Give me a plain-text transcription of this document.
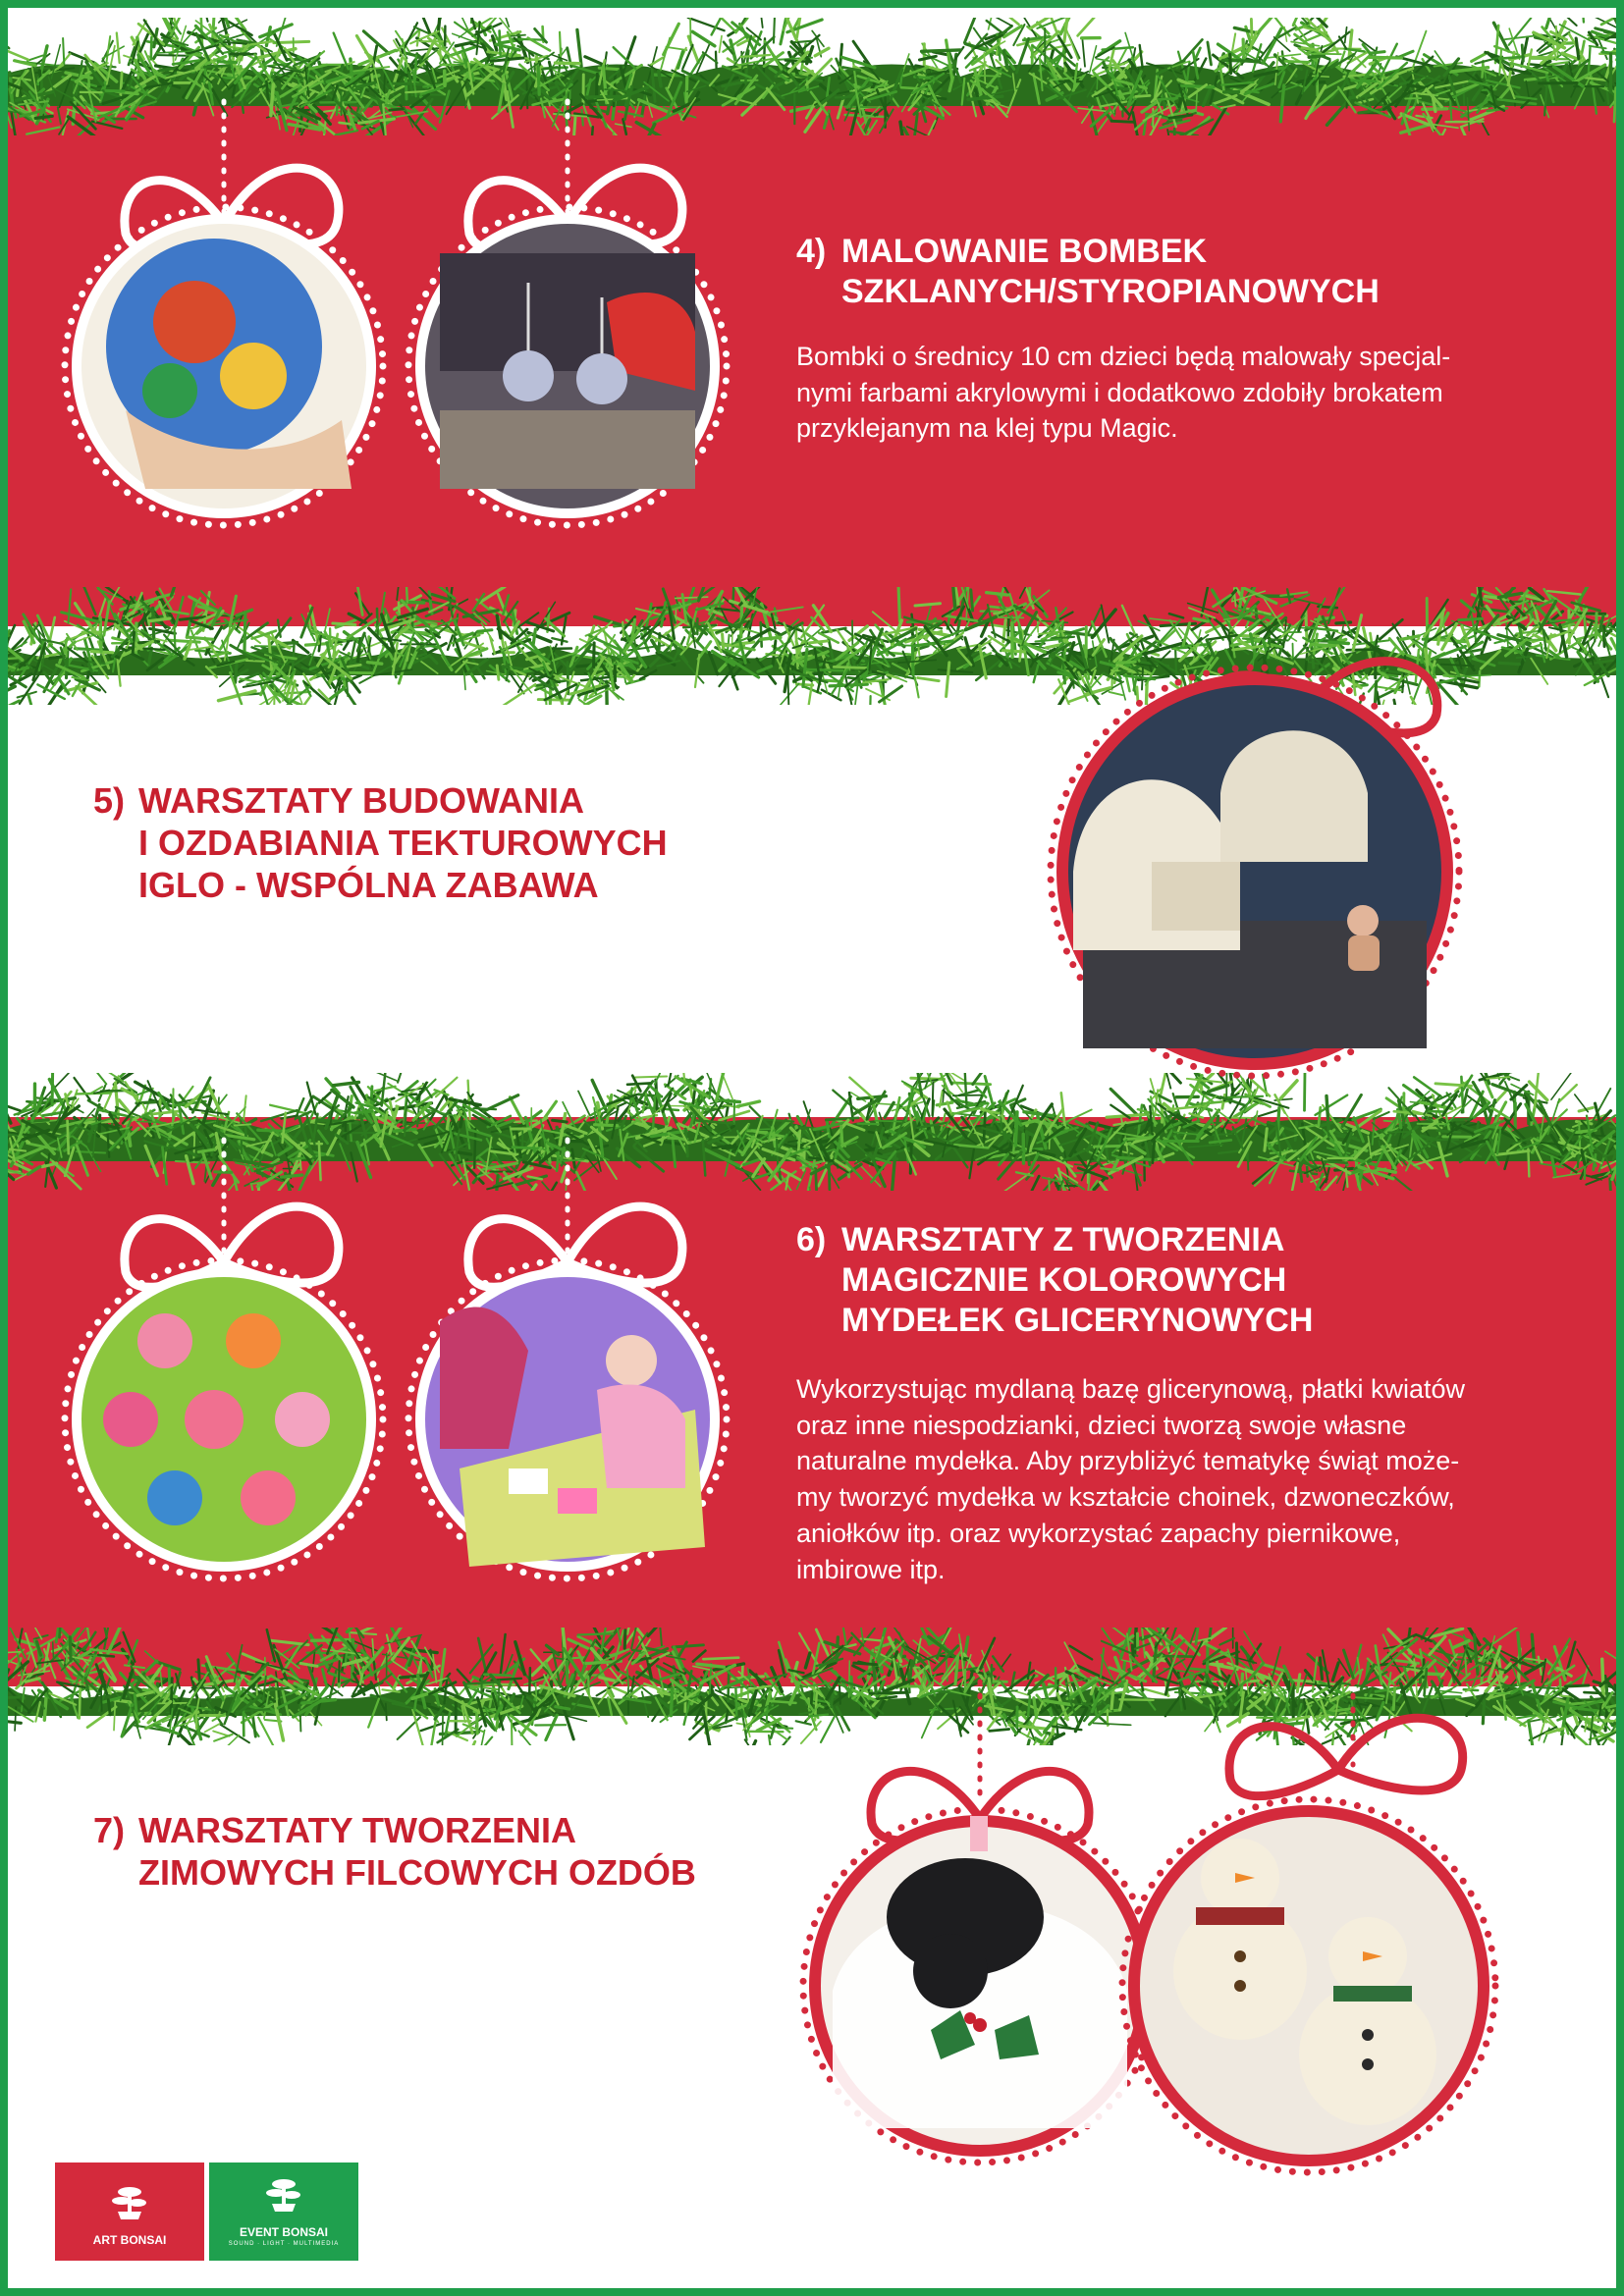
4) MALOWANIE BOMBEK
SZKLANYCH/STYROPIANOWYCH
Bombki o średnicy 10 cm dzieci będą malowały specjal-
nymi farbami akrylowymi i dodatkowo zdobiły brokatem
przyklejanym na klej typu Magic.
5) WARSZTATY BUDOWANIA
I OZDABIANIA TEKTUROWYCH
IGLO - WSPÓLNA ZABAWA
6) WARSZTATY Z TWORZENIA
MAGICZNIE KOLOROWYCH
MYDEŁEK GLICERYNOWYCH
Wykorzystując mydlaną bazę glicerynową, płatki kwiatów
oraz inne niespodzianki, dzieci tworzą swoje własne
naturalne mydełka. Aby przybliżyć tematykę świąt może-
my tworzyć mydełka w kształcie choinek, dzwoneczków,
aniołków itp. oraz wykorzystać zapachy piernikowe,
imbirowe itp.
7) WARSZTATY TWORZENIA
ZIMOWYCH FILCOWYCH OZDÓB
ART BONSAI
EVENT BONSAI
SOUND · LIGHT · MULTIMEDIA
